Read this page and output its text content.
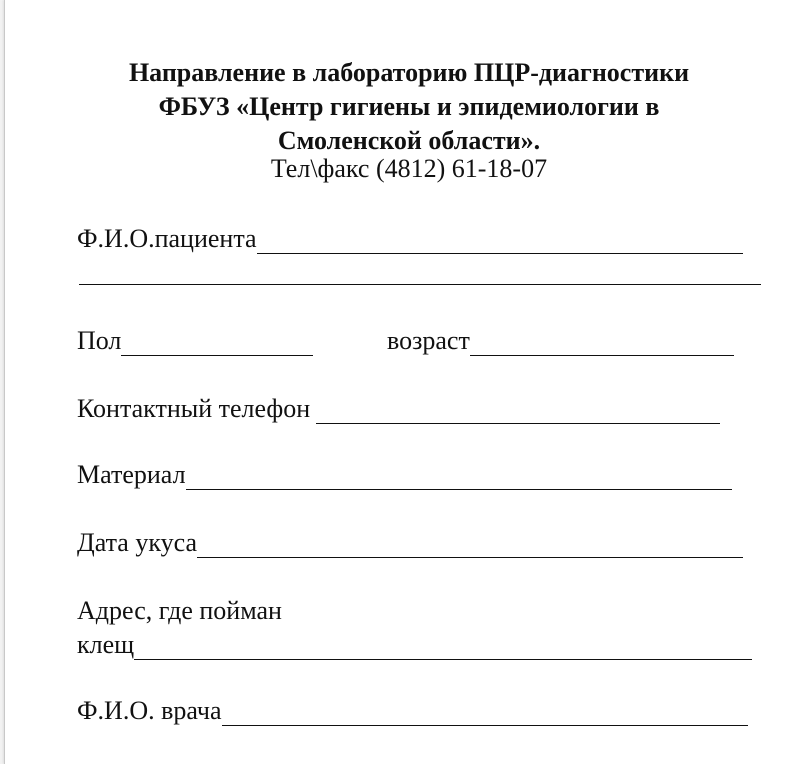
Направление в лабораторию ПЦР-диагностики
ФБУЗ «Центр гигиены и эпидемиологии в
Смоленской области».
Тел\факс (4812) 61-18-07
Ф.И.О.пациента
Пол	возраст
Контактный телефон
Материал
Дата укуса
Адрес, где пойман
клещ
Ф.И.О. врача
